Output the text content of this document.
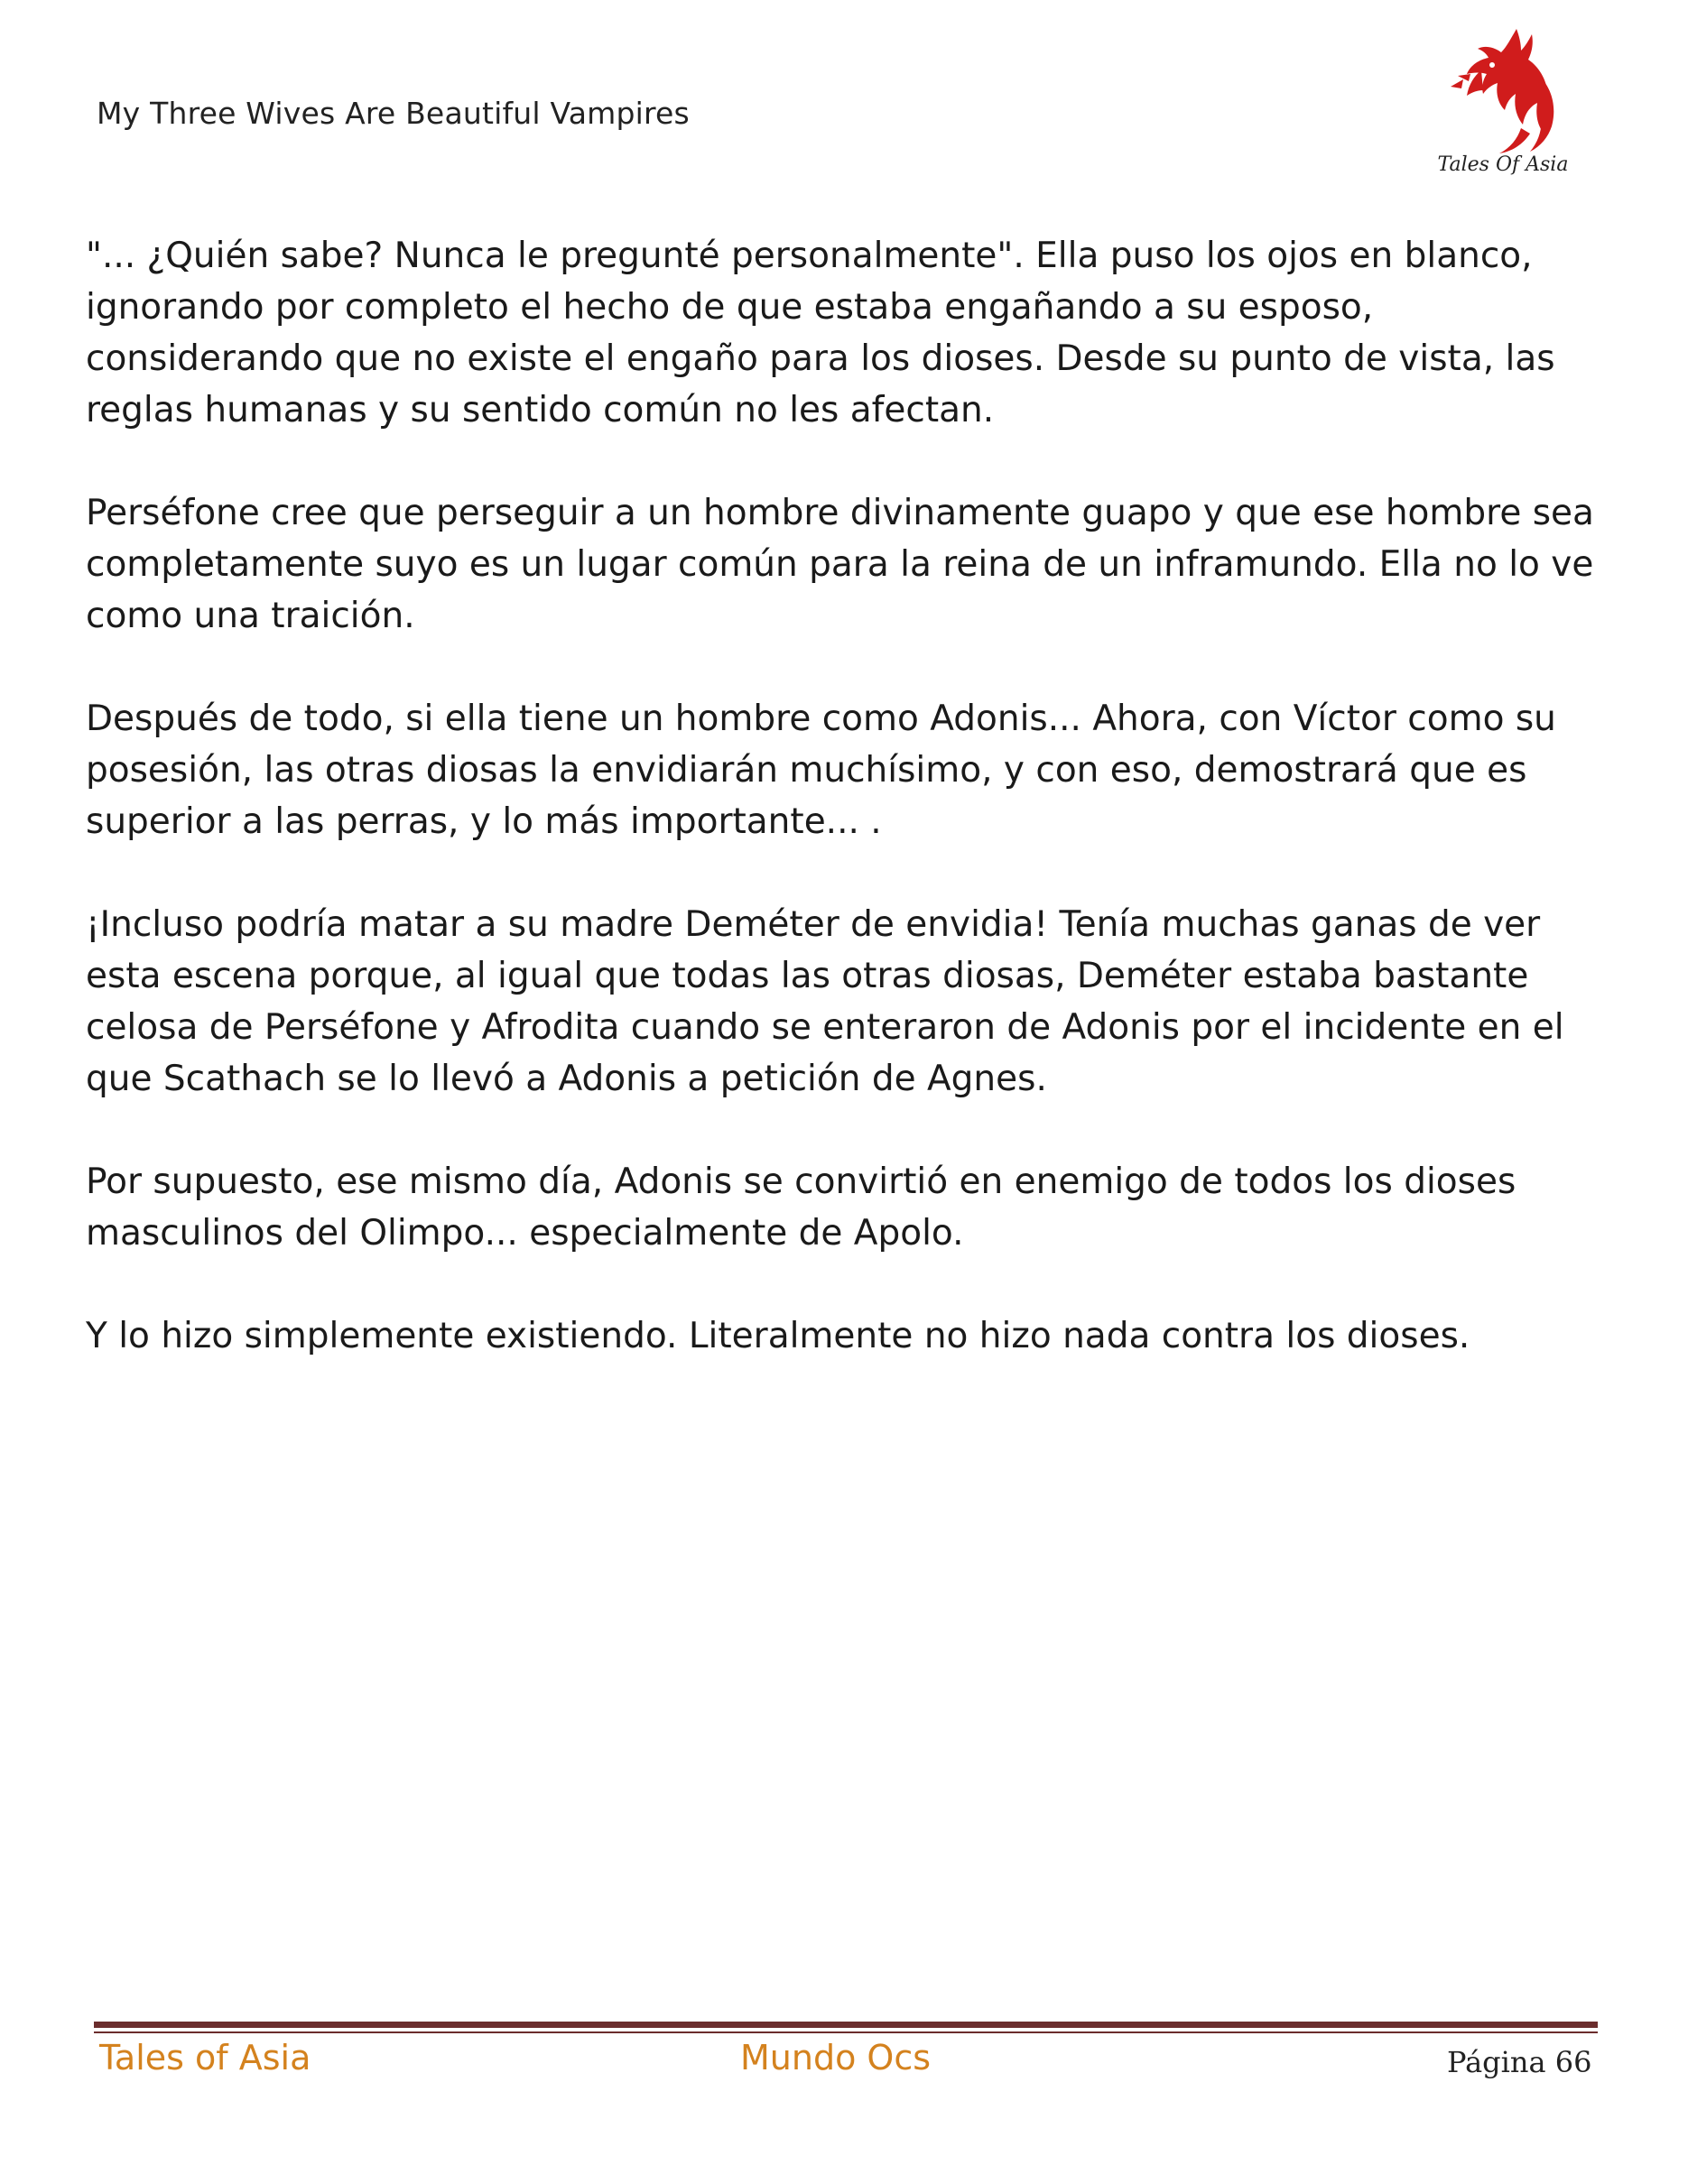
My Three Wives Are Beautiful Vampires
Tales Of Asia

"... ¿Quién sabe? Nunca le pregunté personalmente". Ella puso los ojos en blanco, ignorando por completo el hecho de que estaba engañando a su esposo, considerando que no existe el engaño para los dioses. Desde su punto de vista, las reglas humanas y su sentido común no les afectan.

Perséfone cree que perseguir a un hombre divinamente guapo y que ese hombre sea completamente suyo es un lugar común para la reina de un inframundo. Ella no lo ve como una traición.

Después de todo, si ella tiene un hombre como Adonis... Ahora, con Víctor como su posesión, las otras diosas la envidiarán muchísimo, y con eso, demostrará que es superior a las perras, y lo más importante... .

¡Incluso podría matar a su madre Deméter de envidia! Tenía muchas ganas de ver esta escena porque, al igual que todas las otras diosas, Deméter estaba bastante celosa de Perséfone y Afrodita cuando se enteraron de Adonis por el incidente en el que Scathach se lo llevó a Adonis a petición de Agnes.

Por supuesto, ese mismo día, Adonis se convirtió en enemigo de todos los dioses masculinos del Olimpo... especialmente de Apolo.

Y lo hizo simplemente existiendo. Literalmente no hizo nada contra los dioses.

Tales of Asia	Mundo Ocs	Página 66
